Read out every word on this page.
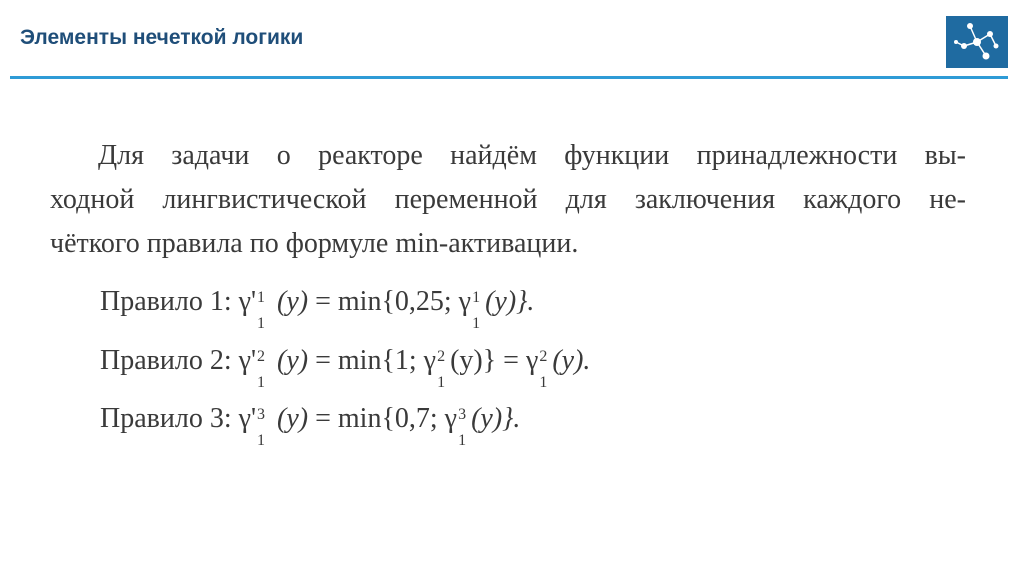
Элементы нечеткой логики
Для задачи о реакторе найдём функции принадлежности вы-
ходной лингвистической переменной для заключения каждого не-
чёткого правила по формуле min-активации.
Правило 1: γ' 1
1
(y) = min{0,25; γ 1
1
(y)}.
Правило 2: γ' 2
1
(y) = min{1; γ 2
1
(y)} = γ 2
1
(y).
Правило 3: γ' 3
1
(y) = min{0,7; γ 3
1
(y)}.
